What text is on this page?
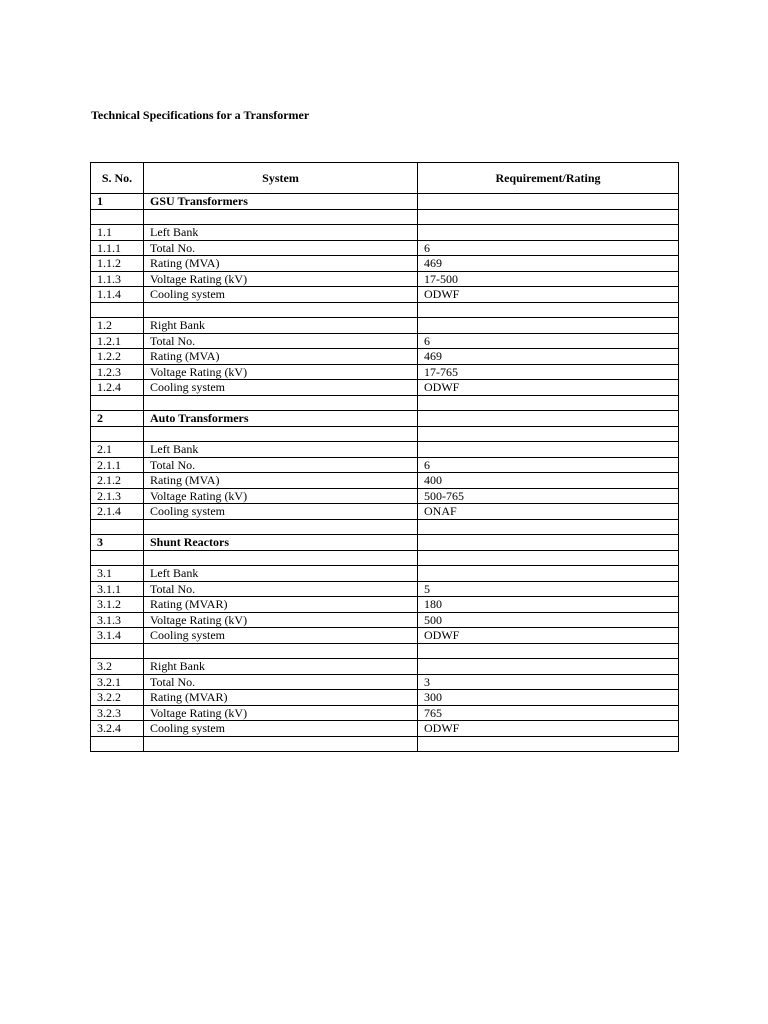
Technical Specifications for a Transformer
S. No.	System	Requirement/Rating
1	GSU Transformers	

1.1	Left Bank	
1.1.1	Total No.	6
1.1.2	Rating (MVA)	469
1.1.3	Voltage Rating (kV)	17-500
1.1.4	Cooling system	ODWF

1.2	Right Bank	
1.2.1	Total No.	6
1.2.2	Rating (MVA)	469
1.2.3	Voltage Rating (kV)	17-765
1.2.4	Cooling system	ODWF

2	Auto Transformers	

2.1	Left Bank	
2.1.1	Total No.	6
2.1.2	Rating (MVA)	400
2.1.3	Voltage Rating (kV)	500-765
2.1.4	Cooling system	ONAF

3	Shunt Reactors	

3.1	Left Bank	
3.1.1	Total No.	5
3.1.2	Rating (MVAR)	180
3.1.3	Voltage Rating (kV)	500
3.1.4	Cooling system	ODWF

3.2	Right Bank	
3.2.1	Total No.	3
3.2.2	Rating (MVAR)	300
3.2.3	Voltage Rating (kV)	765
3.2.4	Cooling system	ODWF
